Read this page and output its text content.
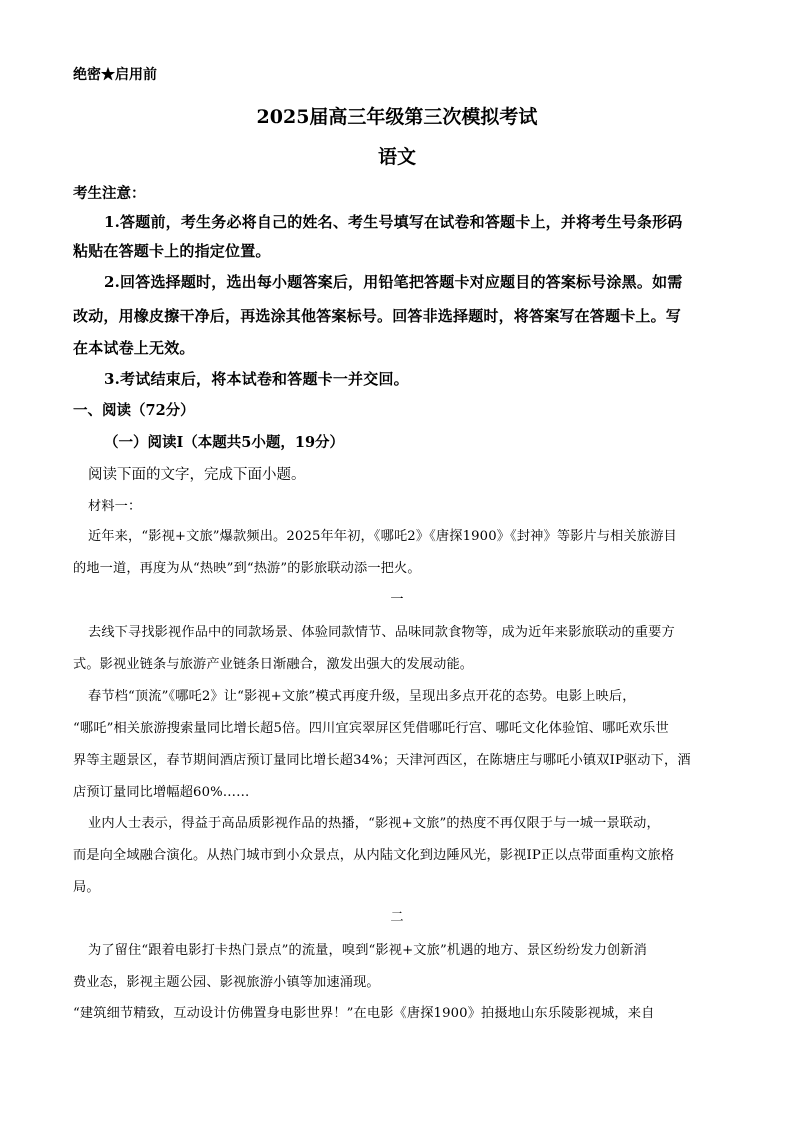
绝密★启用前
2025届高三年级第三次模拟考试
语文
考生注意：
1.答题前，考生务必将自己的姓名、考生号填写在试卷和答题卡上，并将考生号条形码
粘贴在答题卡上的指定位置。
2.回答选择题时，选出每小题答案后，用铅笔把答题卡对应题目的答案标号涂黑。如需
改动，用橡皮擦干净后，再选涂其他答案标号。回答非选择题时，将答案写在答题卡上。写
在本试卷上无效。
3.考试结束后，将本试卷和答题卡一并交回。
一、阅读（72分）
（一）阅读Ⅰ（本题共5小题，19分）
阅读下面的文字，完成下面小题。
材料一：
近年来，“影视+文旅”爆款频出。2025年年初，《哪吒2》《唐探1900》《封神》等影片与相关旅游目
的地一道，再度为从“热映”到“热游”的影旅联动添一把火。
一
去线下寻找影视作品中的同款场景、体验同款情节、品味同款食物等，成为近年来影旅联动的重要方
式。影视业链条与旅游产业链条日渐融合，激发出强大的发展动能。
春节档“顶流”《哪吒2》让“影视+文旅”模式再度升级，呈现出多点开花的态势。电影上映后，
“哪吒”相关旅游搜索量同比增长超5倍。四川宜宾翠屏区凭借哪吒行宫、哪吒文化体验馆、哪吒欢乐世
界等主题景区，春节期间酒店预订量同比增长超34%；天津河西区，在陈塘庄与哪吒小镇双IP驱动下，酒
店预订量同比增幅超60%……
业内人士表示，得益于高品质影视作品的热播，“影视+文旅”的热度不再仅限于与一城一景联动，
而是向全域融合演化。从热门城市到小众景点，从内陆文化到边陲风光，影视IP正以点带面重构文旅格
局。
二
为了留住“跟着电影打卡热门景点”的流量，嗅到“影视+文旅”机遇的地方、景区纷纷发力创新消
费业态，影视主题公园、影视旅游小镇等加速涌现。
“建筑细节精致，互动设计仿佛置身电影世界！”在电影《唐探1900》拍摄地山东乐陵影视城，来自
